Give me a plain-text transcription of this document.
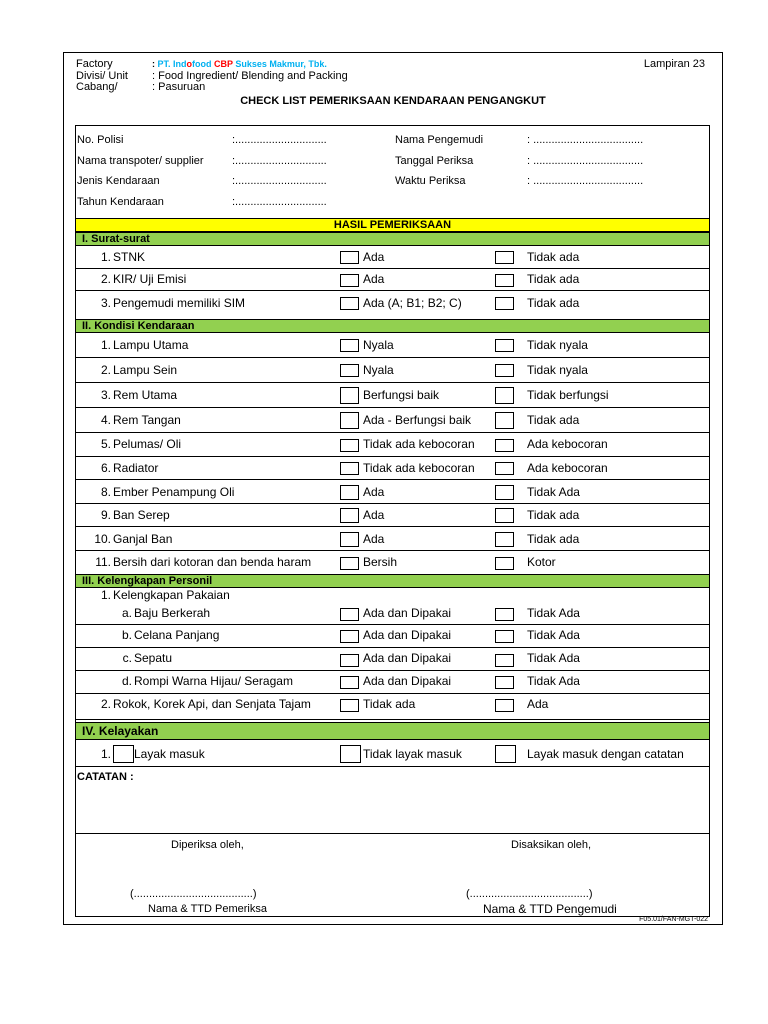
Factory	: PT. Indofood CBP Sukses Makmur, Tbk.
Divisi/ Unit : Food Ingredient/ Blending and Packing
Cabang/	: Pasuruan
Lampiran 23
CHECK LIST PEMERIKSAAN KENDARAAN PENGANGKUT
No. Polisi	:..............................
Nama transpoter/ supplier	:..............................
Jenis Kendaraan	:..............................
Tahun Kendaraan	:..............................
Nama Pengemudi	: ....................................
Tanggal Periksa	: ....................................
Waktu Periksa	: ....................................
HASIL PEMERIKSAAN
I. Surat-surat
1. STNK	Ada	Tidak ada
2. KIR/ Uji Emisi	Ada	Tidak ada
3. Pengemudi memiliki SIM	Ada (A; B1; B2; C)	Tidak ada
II. Kondisi Kendaraan
1. Lampu Utama	Nyala	Tidak nyala
2. Lampu Sein	Nyala	Tidak nyala
3. Rem Utama	Berfungsi baik	Tidak berfungsi
4. Rem Tangan	Ada - Berfungsi baik	Tidak ada
5. Pelumas/ Oli	Tidak ada kebocoran	Ada kebocoran
6. Radiator	Tidak ada kebocoran	Ada kebocoran
8. Ember Penampung Oli	Ada	Tidak Ada
9. Ban Serep	Ada	Tidak ada
10. Ganjal Ban	Ada	Tidak ada
11. Bersih dari kotoran dan benda haram	Bersih	Kotor
III. Kelengkapan Personil
1. Kelengkapan Pakaian
a. Baju Berkerah	Ada dan Dipakai	Tidak Ada
b. Celana Panjang	Ada dan Dipakai	Tidak Ada
c. Sepatu	Ada dan Dipakai	Tidak Ada
d. Rompi Warna Hijau/ Seragam	Ada dan Dipakai	Tidak Ada
2. Rokok, Korek Api, dan Senjata Tajam	Tidak ada	Ada
IV. Kelayakan
1. Layak masuk	Tidak layak masuk	Layak masuk dengan catatan
CATATAN :
Diperiksa oleh,	Disaksikan oleh,
(.......................................)	(.......................................)
Nama & TTD Pemeriksa	Nama & TTD Pengemudi
F05.01/FAN-MGT-022
